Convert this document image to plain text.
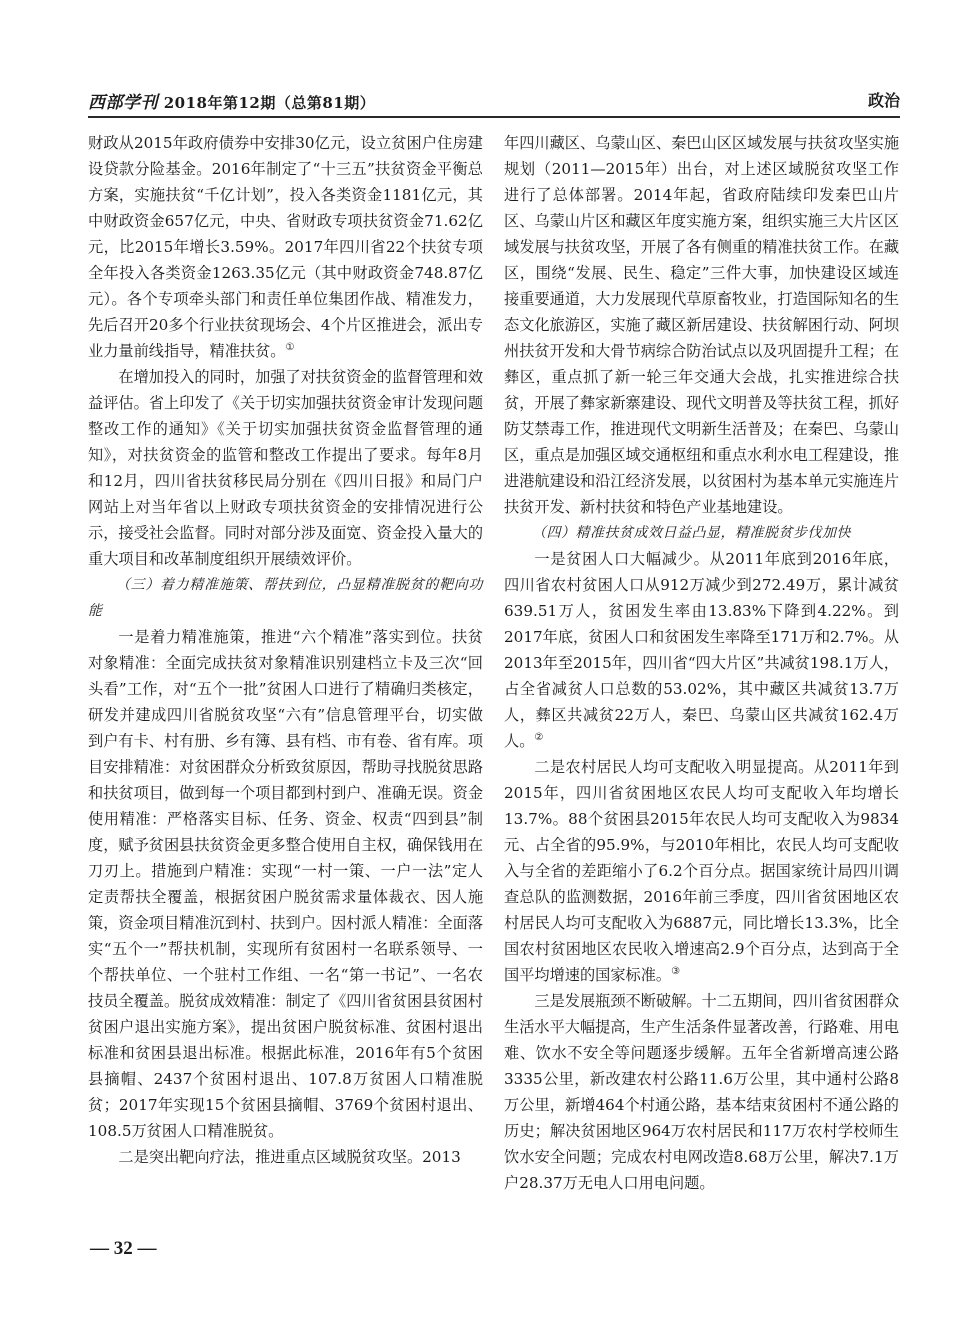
西部学刊 2018年第12期（总第81期）	政治

财政从2015年政府债券中安排30亿元，设立贫困户住房建设贷款分险基金。2016年制定了“十三五”扶贫资金平衡总方案，实施扶贫“千亿计划”，投入各类资金1181亿元，其中财政资金657亿元，中央、省财政专项扶贫资金71.62亿元，比2015年增长3.59%。2017年四川省22个扶贫专项全年投入各类资金1263.35亿元（其中财政资金748.87亿元）。各个专项牵头部门和责任单位集团作战、精准发力，先后召开20多个行业扶贫现场会、4个片区推进会，派出专业力量前线指导，精准扶贫。①

在增加投入的同时，加强了对扶贫资金的监督管理和效益评估。省上印发了《关于切实加强扶贫资金审计发现问题整改工作的通知》《关于切实加强扶贫资金监督管理的通知》，对扶贫资金的监管和整改工作提出了要求。每年8月和12月，四川省扶贫移民局分别在《四川日报》和局门户网站上对当年省以上财政专项扶贫资金的安排情况进行公示，接受社会监督。同时对部分涉及面宽、资金投入量大的重大项目和改革制度组织开展绩效评价。

（三）着力精准施策、帮扶到位，凸显精准脱贫的靶向功能

一是着力精准施策，推进“六个精准”落实到位。扶贫对象精准：全面完成扶贫对象精准识别建档立卡及三次“回头看”工作，对“五个一批”贫困人口进行了精确归类核定，研发并建成四川省脱贫攻坚“六有”信息管理平台，切实做到户有卡、村有册、乡有簿、县有档、市有卷、省有库。项目安排精准：对贫困群众分析致贫原因，帮助寻找脱贫思路和扶贫项目，做到每一个项目都到村到户、准确无误。资金使用精准：严格落实目标、任务、资金、权责“四到县”制度，赋予贫困县扶贫资金更多整合使用自主权，确保钱用在刀刃上。措施到户精准：实现“一村一策、一户一法”定人定责帮扶全覆盖，根据贫困户脱贫需求量体裁衣、因人施策，资金项目精准沉到村、扶到户。因村派人精准：全面落实“五个一”帮扶机制，实现所有贫困村一名联系领导、一个帮扶单位、一个驻村工作组、一名“第一书记”、一名农技员全覆盖。脱贫成效精准：制定了《四川省贫困县贫困村贫困户退出实施方案》，提出贫困户脱贫标准、贫困村退出标准和贫困县退出标准。根据此标准，2016年有5个贫困县摘帽、2437个贫困村退出、107.8万贫困人口精准脱贫；2017年实现15个贫困县摘帽、3769个贫困村退出、108.5万贫困人口精准脱贫。

二是突出靶向疗法，推进重点区域脱贫攻坚。2013

年四川藏区、乌蒙山区、秦巴山区区域发展与扶贫攻坚实施规划（2011—2015年）出台，对上述区域脱贫攻坚工作进行了总体部署。2014年起，省政府陆续印发秦巴山片区、乌蒙山片区和藏区年度实施方案，组织实施三大片区区域发展与扶贫攻坚，开展了各有侧重的精准扶贫工作。在藏区，围绕“发展、民生、稳定”三件大事，加快建设区域连接重要通道，大力发展现代草原畜牧业，打造国际知名的生态文化旅游区，实施了藏区新居建设、扶贫解困行动、阿坝州扶贫开发和大骨节病综合防治试点以及巩固提升工程；在彝区，重点抓了新一轮三年交通大会战，扎实推进综合扶贫，开展了彝家新寨建设、现代文明普及等扶贫工程，抓好防艾禁毒工作，推进现代文明新生活普及；在秦巴、乌蒙山区，重点是加强区域交通枢纽和重点水利水电工程建设，推进港航建设和沿江经济发展，以贫困村为基本单元实施连片扶贫开发、新村扶贫和特色产业基地建设。

（四）精准扶贫成效日益凸显，精准脱贫步伐加快

一是贫困人口大幅减少。从2011年底到2016年底，四川省农村贫困人口从912万减少到272.49万，累计减贫639.51万人，贫困发生率由13.83%下降到4.22%。到2017年底，贫困人口和贫困发生率降至171万和2.7%。从2013年至2015年，四川省“四大片区”共减贫198.1万人，占全省减贫人口总数的53.02%，其中藏区共减贫13.7万人，彝区共减贫22万人，秦巴、乌蒙山区共减贫162.4万人。②

二是农村居民人均可支配收入明显提高。从2011年到2015年，四川省贫困地区农民人均可支配收入年均增长13.7%。88个贫困县2015年农民人均可支配收入为9834元、占全省的95.9%，与2010年相比，农民人均可支配收入与全省的差距缩小了6.2个百分点。据国家统计局四川调查总队的监测数据，2016年前三季度，四川省贫困地区农村居民人均可支配收入为6887元，同比增长13.3%，比全国农村贫困地区农民收入增速高2.9个百分点，达到高于全国平均增速的国家标准。③

三是发展瓶颈不断破解。十二五期间，四川省贫困群众生活水平大幅提高，生产生活条件显著改善，行路难、用电难、饮水不安全等问题逐步缓解。五年全省新增高速公路3335公里，新改建农村公路11.6万公里，其中通村公路8万公里，新增464个村通公路，基本结束贫困村不通公路的历史；解决贫困地区964万农村居民和117万农村学校师生饮水安全问题；完成农村电网改造8.68万公里，解决7.1万户28.37万无电人口用电问题。

— 32 —
